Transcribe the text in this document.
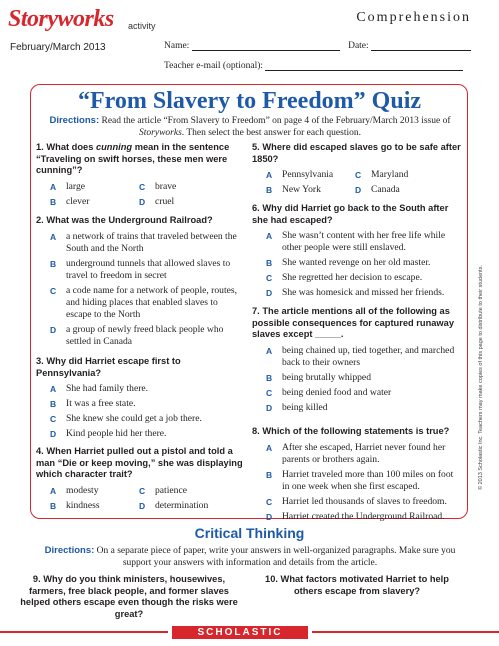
Storyworks activity
February/March 2013
Comprehension
Name:	Date:
Teacher e-mail (optional):
“From Slavery to Freedom” Quiz
Directions: Read the article “From Slavery to Freedom” on page 4 of the February/March 2013 issue of Storyworks. Then select the best answer for each question.
1. What does cunning mean in the sentence “Traveling on swift horses, these men were cunning”?
A large	C brave
B clever	D cruel
2. What was the Underground Railroad?
A a network of trains that traveled between the South and the North
B underground tunnels that allowed slaves to travel to freedom in secret
C a code name for a network of people, routes, and hiding places that enabled slaves to escape to the North
D a group of newly freed black people who settled in Canada
3. Why did Harriet escape first to Pennsylvania?
A She had family there.
B It was a free state.
C She knew she could get a job there.
D Kind people hid her there.
4. When Harriet pulled out a pistol and told a man “Die or keep moving,” she was displaying which character trait?
A modesty	C patience
B kindness	D determination
5. Where did escaped slaves go to be safe after 1850?
A Pennsylvania	C Maryland
B New York	D Canada
6. Why did Harriet go back to the South after she had escaped?
A She wasn’t content with her free life while other people were still enslaved.
B She wanted revenge on her old master.
C She regretted her decision to escape.
D She was homesick and missed her friends.
7. The article mentions all of the following as possible consequences for captured runaway slaves except _____.
A being chained up, tied together, and marched back to their owners
B being brutally whipped
C being denied food and water
D being killed
8. Which of the following statements is true?
A After she escaped, Harriet never found her parents or brothers again.
B Harriet traveled more than 100 miles on foot in one week when she first escaped.
C Harriet led thousands of slaves to freedom.
D Harriet created the Underground Railroad.
Critical Thinking
Directions: On a separate piece of paper, write your answers in well-organized paragraphs. Make sure you support your answers with information and details from the article.
9. Why do you think ministers, housewives, farmers, free black people, and former slaves helped others escape even though the risks were great?
10. What factors motivated Harriet to help others escape from slavery?
© 2013 Scholastic Inc. Teachers may make copies of this page to distribute to their students.
SCHOLASTIC
